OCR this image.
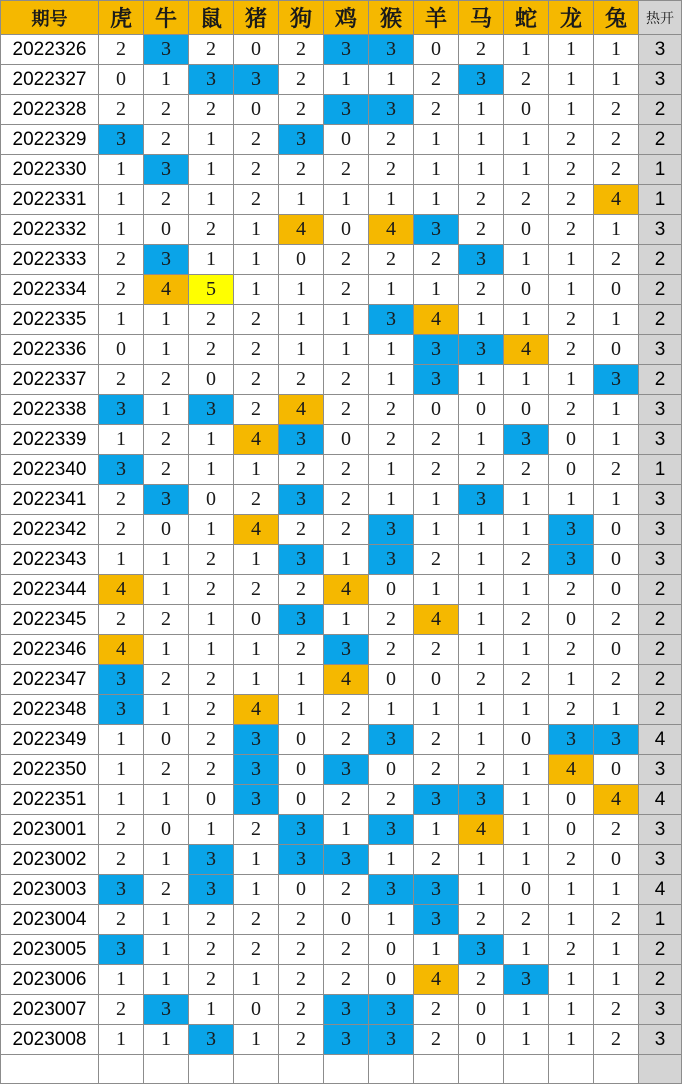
期号	虎	牛	鼠	猪	狗	鸡	猴	羊	马	蛇	龙	兔	热开
2022326	2	3	2	0	2	3	3	0	2	1	1	1	3
2022327	0	1	3	3	2	1	1	2	3	2	1	1	3
2022328	2	2	2	0	2	3	3	2	1	0	1	2	2
2022329	3	2	1	2	3	0	2	1	1	1	2	2	2
2022330	1	3	1	2	2	2	2	1	1	1	2	2	1
2022331	1	2	1	2	1	1	1	1	2	2	2	4	1
2022332	1	0	2	1	4	0	4	3	2	0	2	1	3
2022333	2	3	1	1	0	2	2	2	3	1	1	2	2
2022334	2	4	5	1	1	2	1	1	2	0	1	0	2
2022335	1	1	2	2	1	1	3	4	1	1	2	1	2
2022336	0	1	2	2	1	1	1	3	3	4	2	0	3
2022337	2	2	0	2	2	2	1	3	1	1	1	3	2
2022338	3	1	3	2	4	2	2	0	0	0	2	1	3
2022339	1	2	1	4	3	0	2	2	1	3	0	1	3
2022340	3	2	1	1	2	2	1	2	2	2	0	2	1
2022341	2	3	0	2	3	2	1	1	3	1	1	1	3
2022342	2	0	1	4	2	2	3	1	1	1	3	0	3
2022343	1	1	2	1	3	1	3	2	1	2	3	0	3
2022344	4	1	2	2	2	4	0	1	1	1	2	0	2
2022345	2	2	1	0	3	1	2	4	1	2	0	2	2
2022346	4	1	1	1	2	3	2	2	1	1	2	0	2
2022347	3	2	2	1	1	4	0	0	2	2	1	2	2
2022348	3	1	2	4	1	2	1	1	1	1	2	1	2
2022349	1	0	2	3	0	2	3	2	1	0	3	3	4
2022350	1	2	2	3	0	3	0	2	2	1	4	0	3
2022351	1	1	0	3	0	2	2	3	3	1	0	4	4
2023001	2	0	1	2	3	1	3	1	4	1	0	2	3
2023002	2	1	3	1	3	3	1	2	1	1	2	0	3
2023003	3	2	3	1	0	2	3	3	1	0	1	1	4
2023004	2	1	2	2	2	0	1	3	2	2	1	2	1
2023005	3	1	2	2	2	2	0	1	3	1	2	1	2
2023006	1	1	2	1	2	2	0	4	2	3	1	1	2
2023007	2	3	1	0	2	3	3	2	0	1	1	2	3
2023008	1	1	3	1	2	3	3	2	0	1	1	2	3
